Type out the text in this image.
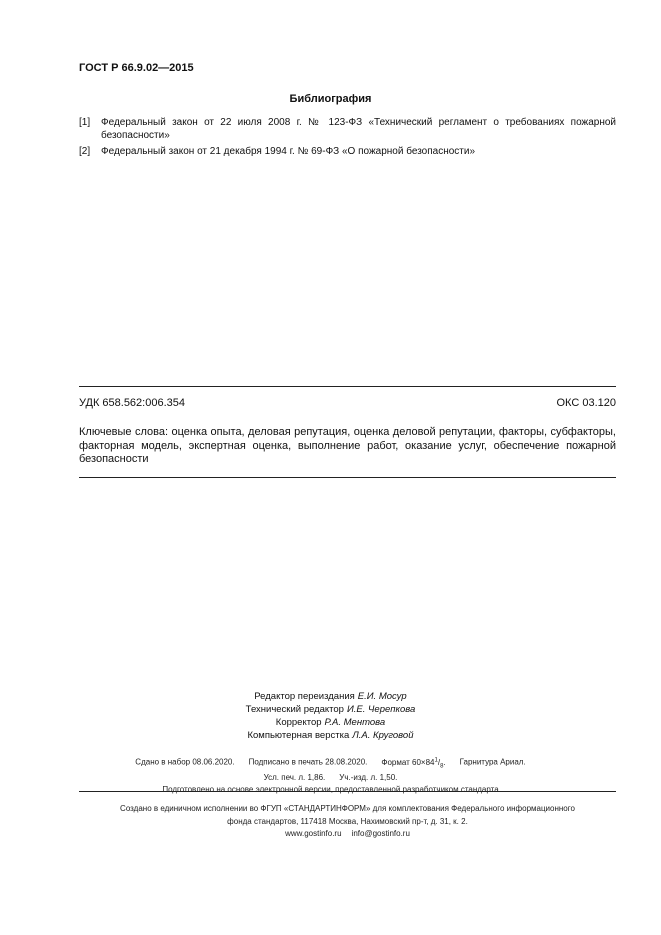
ГОСТ Р 66.9.02—2015
Библиография
[1] Федеральный закон от 22 июля 2008 г. № 123-ФЗ «Технический регламент о требованиях пожарной безопасности»
[2] Федеральный закон от 21 декабря 1994 г. № 69-ФЗ «О пожарной безопасности»
УДК 658.562:006.354	ОКС 03.120
Ключевые слова: оценка опыта, деловая репутация, оценка деловой репутации, факторы, субфакторы, факторная модель, экспертная оценка, выполнение работ, оказание услуг, обеспечение пожарной безопасности
Редактор переиздания Е.И. Мосур
Технический редактор И.Е. Черепкова
Корректор Р.А. Ментова
Компьютерная верстка Л.А. Круговой
Сдано в набор 08.06.2020. Подписано в печать 28.08.2020. Формат $60\times 84^1/_8$. Гарнитура Ариал.
Усл. печ. л. 1,86. Уч.-изд. л. 1,50.
Подготовлено на основе электронной версии, предоставленной разработчиком стандарта
Создано в единичном исполнении во ФГУП «СТАНДАРТИНФОРМ» для комплектования Федерального информационного
фонда стандартов, 117418 Москва, Нахимовский пр-т, д. 31, к. 2.
www.gostinfo.ru info@gostinfo.ru
